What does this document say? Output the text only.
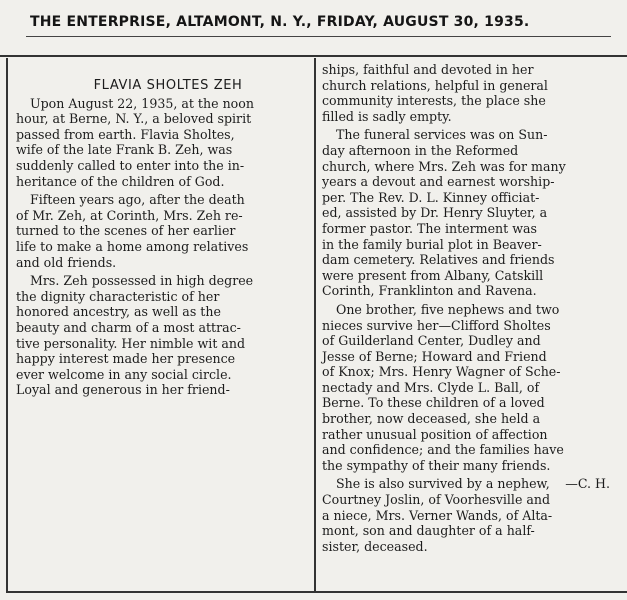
THE ENTERPRISE, ALTAMONT, N. Y., FRIDAY, AUGUST 30, 1935.
FLAVIA SHOLTES ZEH
Upon August 22, 1935, at the noon
hour, at Berne, N. Y., a beloved spirit
passed from earth. Flavia Sholtes,
wife of the late Frank B. Zeh, was
suddenly called to enter into the in-
heritance of the children of God.
Fifteen years ago, after the death
of Mr. Zeh, at Corinth, Mrs. Zeh re-
turned to the scenes of her earlier
life to make a home among relatives
and old friends.
Mrs. Zeh possessed in high degree
the dignity characteristic of her
honored ancestry, as well as the
beauty and charm of a most attrac-
tive personality. Her nimble wit and
happy interest made her presence
ever welcome in any social circle.
Loyal and generous in her friend-
ships, faithful and devoted in her
church relations, helpful in general
community interests, the place she
filled is sadly empty.
The funeral services was on Sun-
day afternoon in the Reformed
church, where Mrs. Zeh was for many
years a devout and earnest worship-
per. The Rev. D. L. Kinney officiat-
ed, assisted by Dr. Henry Sluyter, a
former pastor. The interment was
in the family burial plot in Beaver-
dam cemetery. Relatives and friends
were present from Albany, Catskill
Corinth, Franklinton and Ravena.
One brother, five nephews and two
nieces survive her—Clifford Sholtes
of Guilderland Center, Dudley and
Jesse of Berne; Howard and Friend
of Knox; Mrs. Henry Wagner of Sche-
nectady and Mrs. Clyde L. Ball, of
Berne. To these children of a loved
brother, now deceased, she held a
rather unusual position of affection
and confidence; and the families have
the sympathy of their many friends.
She is also survived by a nephew,
Courtney Joslin, of Voorhesville and
a niece, Mrs. Verner Wands, of Alta-
mont, son and daughter of a half-
sister, deceased.
—C. H.
